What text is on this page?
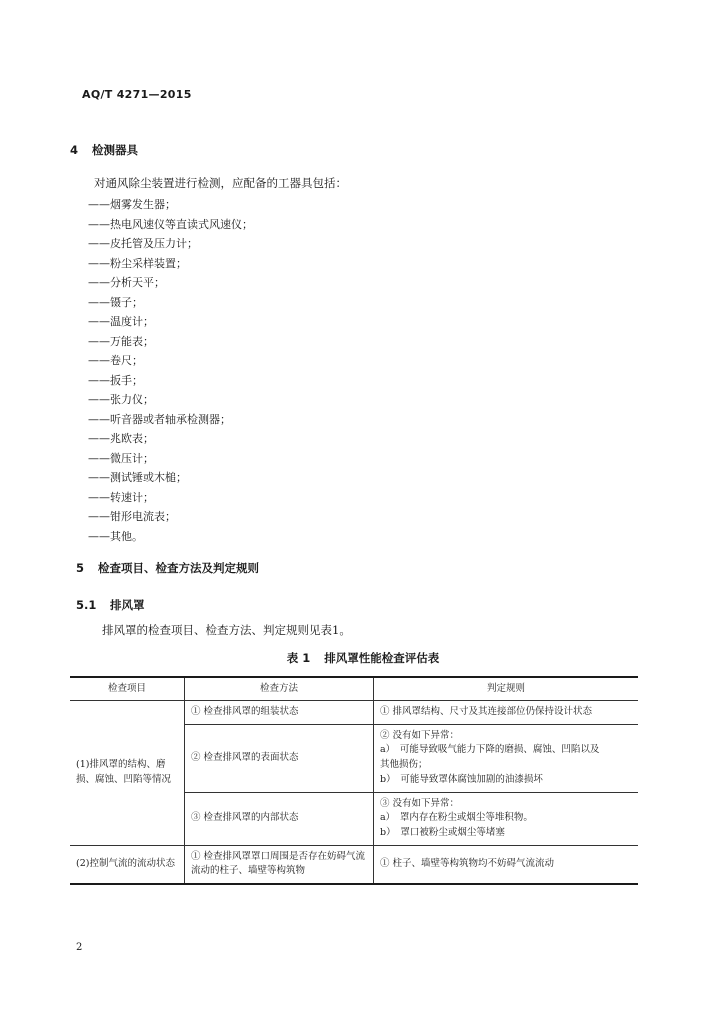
AQ/T 4271—2015
4 检测器具
对通风除尘装置进行检测，应配备的工器具包括：
——烟雾发生器；
——热电风速仪等直读式风速仪；
——皮托管及压力计；
——粉尘采样装置；
——分析天平；
——镊子；
——温度计；
——万能表；
——卷尺；
——扳手；
——张力仪；
——听音器或者轴承检测器；
——兆欧表；
——微压计；
——测试锤或木槌；
——转速计；
——钳形电流表；
——其他。
5 检查项目、检查方法及判定规则
5.1 排风罩
排风罩的检查项目、检查方法、判定规则见表1。
表 1 排风罩性能检查评估表
检查项目	检查方法	判定规则
(1)排风罩的结构、磨损、腐蚀、凹陷等情况	① 检查排风罩的组装状态	① 排风罩结构、尺寸及其连接部位仍保持设计状态

	② 检查排风罩的表面状态	② 没有如下异常：
a）　可能导致吸气能力下降的磨损、腐蚀、凹陷以及
其他损伤；
b）　可能导致罩体腐蚀加剧的油漆损坏

	③ 检查排风罩的内部状态	③ 没有如下异常：
a）　罩内存在粉尘或烟尘等堆积物。
b）　罩口被粉尘或烟尘等堵塞

(2)控制气流的流动状态	① 检查排风罩罩口周围是否存在妨碍气流流动的柱子、墙壁等构筑物	① 柱子、墙壁等构筑物均不妨碍气流流动
2
